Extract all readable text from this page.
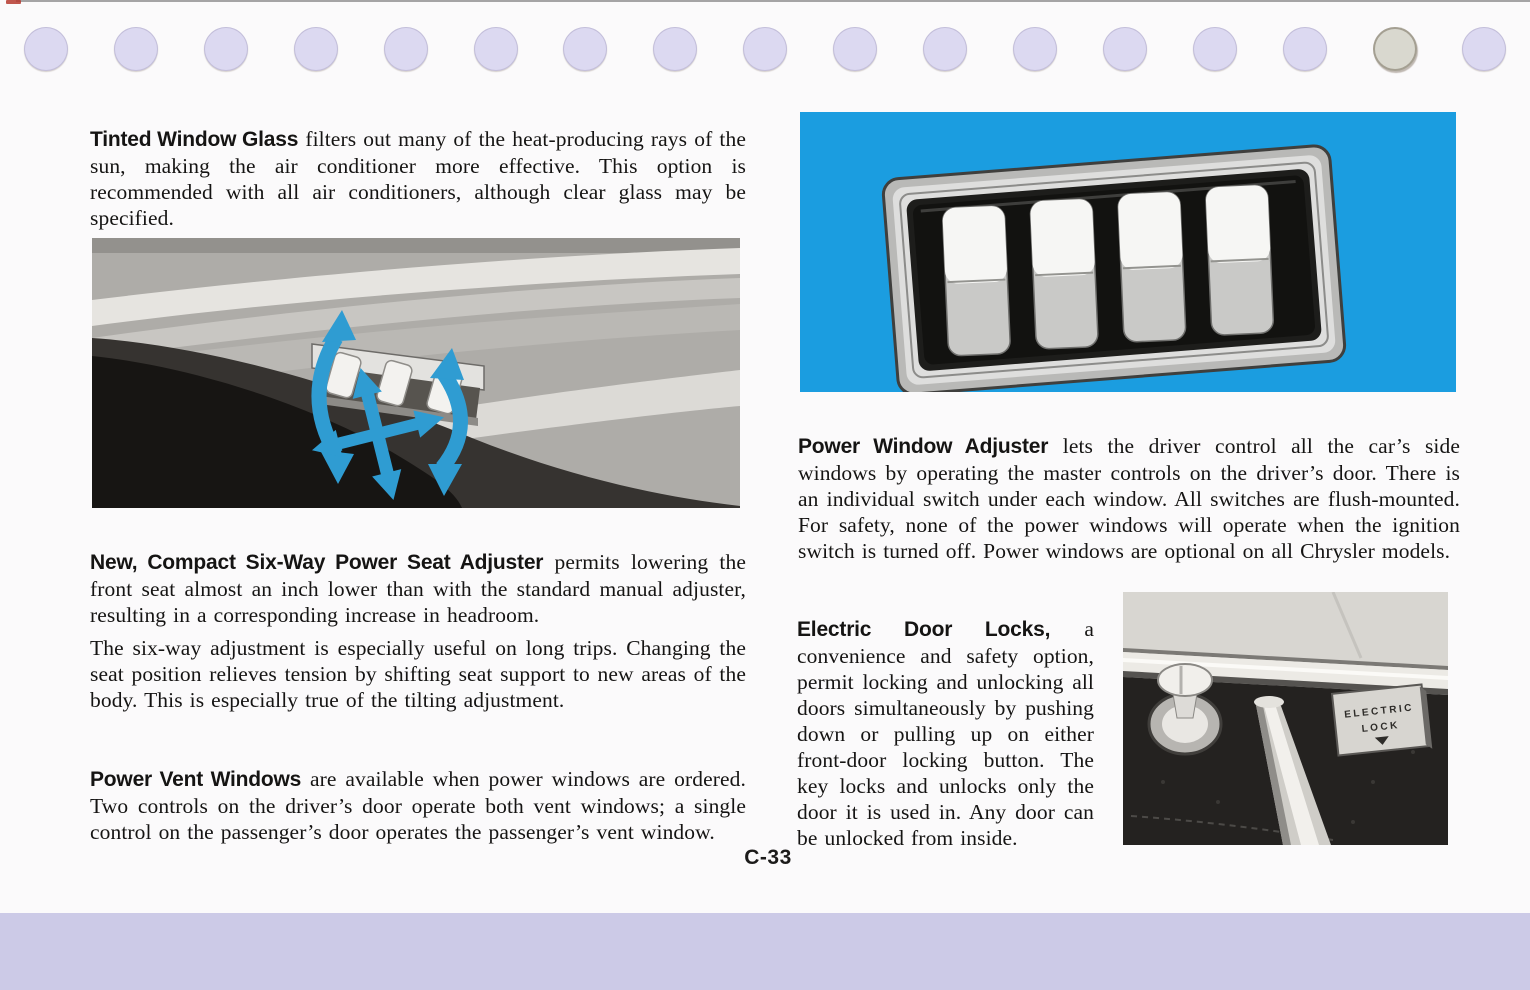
Tinted Window Glass filters out many of the heat-producing rays of the sun, making the air conditioner more effective. This option is recommended with all air conditioners, although clear glass may be specified.

New, Compact Six-Way Power Seat Adjuster permits lowering the front seat almost an inch lower than with the standard manual adjuster, resulting in a corresponding increase in headroom.

The six-way adjustment is especially useful on long trips. Changing the seat position relieves tension by shifting seat support to new areas of the body. This is especially true of the tilting adjustment.

Power Vent Windows are available when power windows are ordered. Two controls on the driver’s door operate both vent windows; a single control on the passenger’s door operates the passenger’s vent window.

Power Window Adjuster lets the driver control all the car’s side windows by operating the master controls on the driver’s door. There is an individual switch under each window. All switches are flush-mounted. For safety, none of the power windows will operate when the ignition switch is turned off. Power windows are optional on all Chrysler models.

Electric Door Locks, a convenience and safety option, permit locking and unlocking all doors simultaneously by pushing down or pulling up on either front-door locking button. The key locks and unlocks only the door it is used in. Any door can be unlocked from inside.

ELECTRIC
LOCK
C-33
